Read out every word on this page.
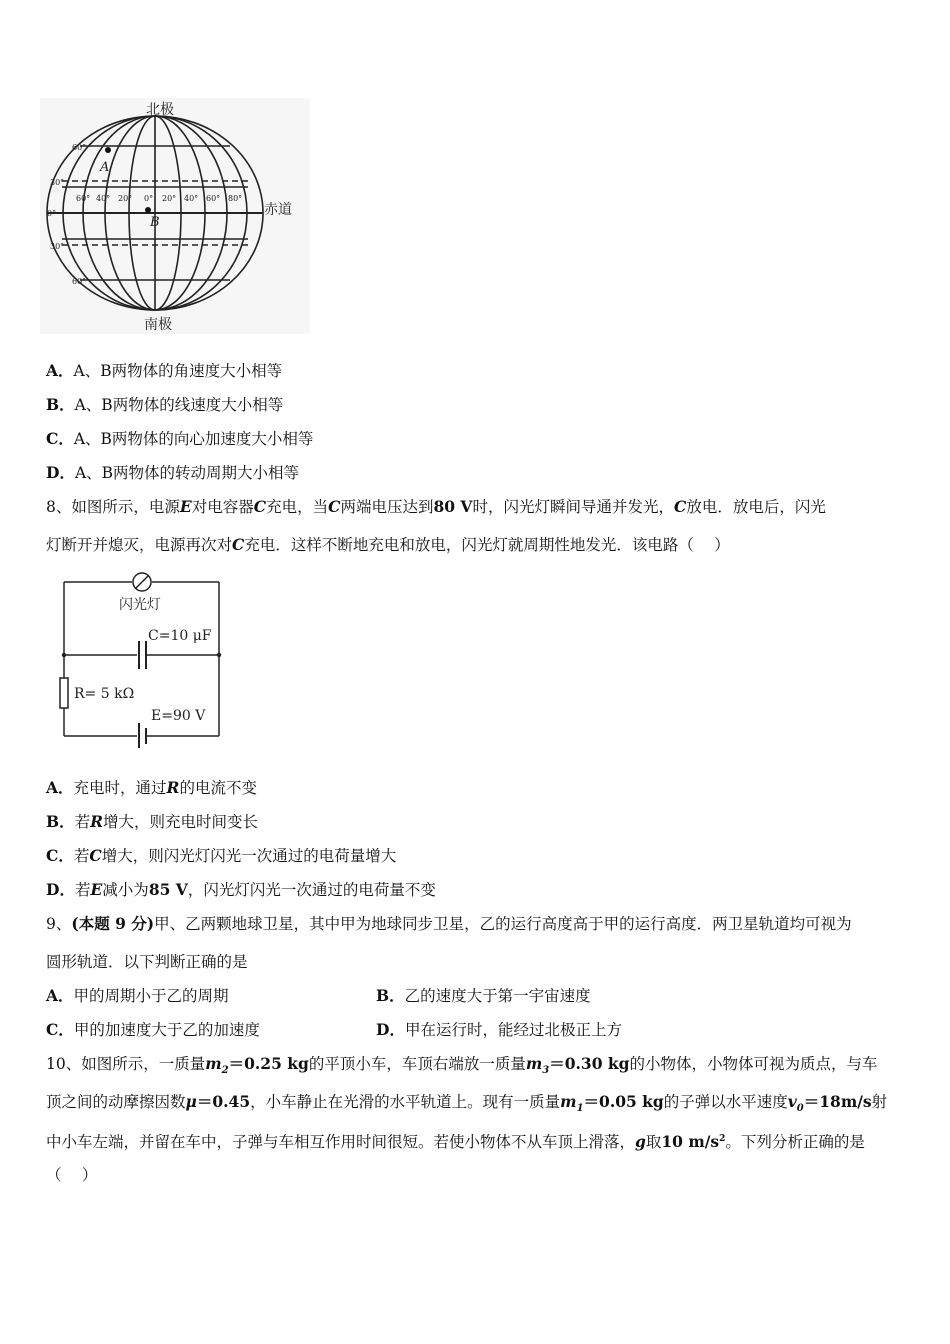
60°
30°
0°
30°
60°
60° 40° 20° 0° 20° 40° 60° 80°
北极
南极
赤道
A
B
A．A、B两物体的角速度大小相等
B．A、B两物体的线速度大小相等
C．A、B两物体的向心加速度大小相等
D．A、B两物体的转动周期大小相等
8、如图所示，电源E对电容器C充电，当C两端电压达到80 V时，闪光灯瞬间导通并发光，C放电．放电后，闪光
灯断开并熄灭，电源再次对C充电．这样不断地充电和放电，闪光灯就周期性地发光．该电路（　 ）
闪光灯
C=10 μF
R= 5 kΩ
E=90 V
A．充电时，通过R的电流不变
B．若R增大，则充电时间变长
C．若C增大，则闪光灯闪光一次通过的电荷量增大
D．若E减小为85 V，闪光灯闪光一次通过的电荷量不变
9、(本题 9 分)甲、乙两颗地球卫星，其中甲为地球同步卫星，乙的运行高度高于甲的运行高度．两卫星轨道均可视为
圆形轨道．以下判断正确的是
A．甲的周期小于乙的周期	B．乙的速度大于第一宇宙速度
C．甲的加速度大于乙的加速度	D．甲在运行时，能经过北极正上方
10、如图所示，一质量$m_2=0.25$ kg的平顶小车，车顶右端放一质量$m_3=0.30$ kg的小物体，小物体可视为质点，与车
顶之间的动摩擦因数μ＝0.45，小车静止在光滑的水平轨道上。现有一质量$m_1=0.05$ kg的子弹以水平速度$v_0=18m/s$射
中小车左端，并留在车中，子弹与车相互作用时间很短。若使小物体不从车顶上滑落，g取10 $m/s^2$。下列分析正确的是
（　 ）
